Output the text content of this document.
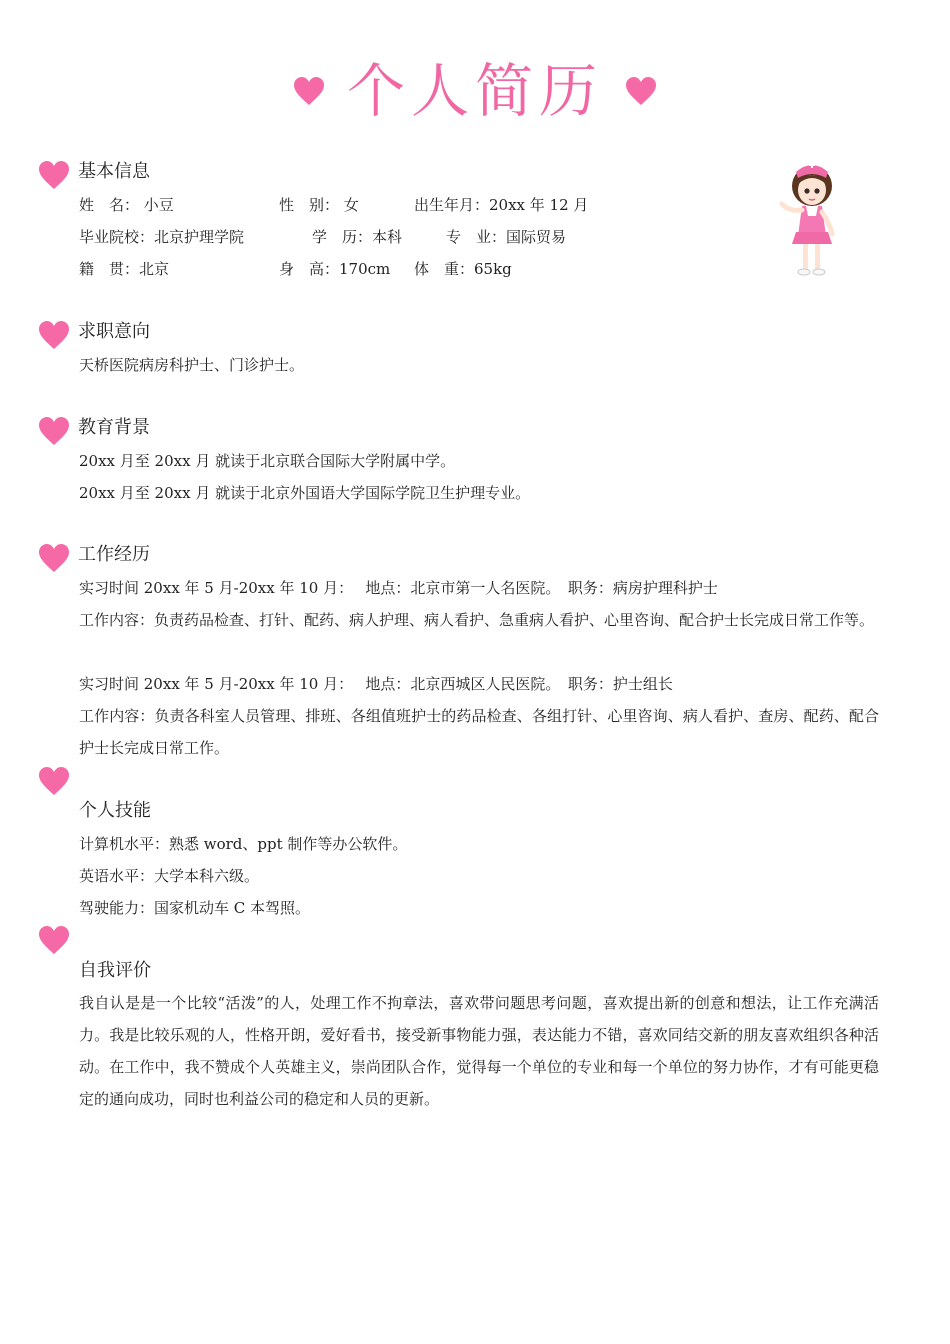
个人简历
基本信息
姓　名： 小豆	性　别： 女	出生年月：20xx 年 12 月
毕业院校：北京护理学院	学　历：本科	专　业：国际贸易
籍　贯：北京	身　高：170cm 体　重：65kg
求职意向
天桥医院病房科护士、门诊护士。
教育背景
20xx 月至 20xx 月 就读于北京联合国际大学附属中学。
20xx 月至 20xx 月 就读于北京外国语大学国际学院卫生护理专业。
工作经历
实习时间 20xx 年 5 月-20xx 年 10 月：　 地点：北京市第一人名医院。　职务：病房护理科护士
工作内容：负责药品检查、打针、配药、病人护理、病人看护、急重病人看护、心里咨询、配合护士长完成日常工作等。
实习时间 20xx 年 5 月-20xx 年 10 月：　 地点：北京西城区人民医院。　职务：护士组长
工作内容：负责各科室人员管理、排班、各组值班护士的药品检查、各组打针、心里咨询、病人看护、查房、配药、配合护士长完成日常工作。
个人技能
计算机水平：熟悉 word、ppt 制作等办公软件。
英语水平：大学本科六级。
驾驶能力：国家机动车 C 本驾照。
自我评价
我自认是是一个比较“活泼”的人，处理工作不拘章法，喜欢带问题思考问题，喜欢提出新的创意和想法，让工作充满活力。我是比较乐观的人，性格开朗，爱好看书，接受新事物能力强，表达能力不错，喜欢同结交新的朋友喜欢组织各种活动。在工作中，我不赞成个人英雄主义，崇尚团队合作，觉得每一个单位的专业和每一个单位的努力协作，才有可能更稳定的通向成功，同时也利益公司的稳定和人员的更新。
